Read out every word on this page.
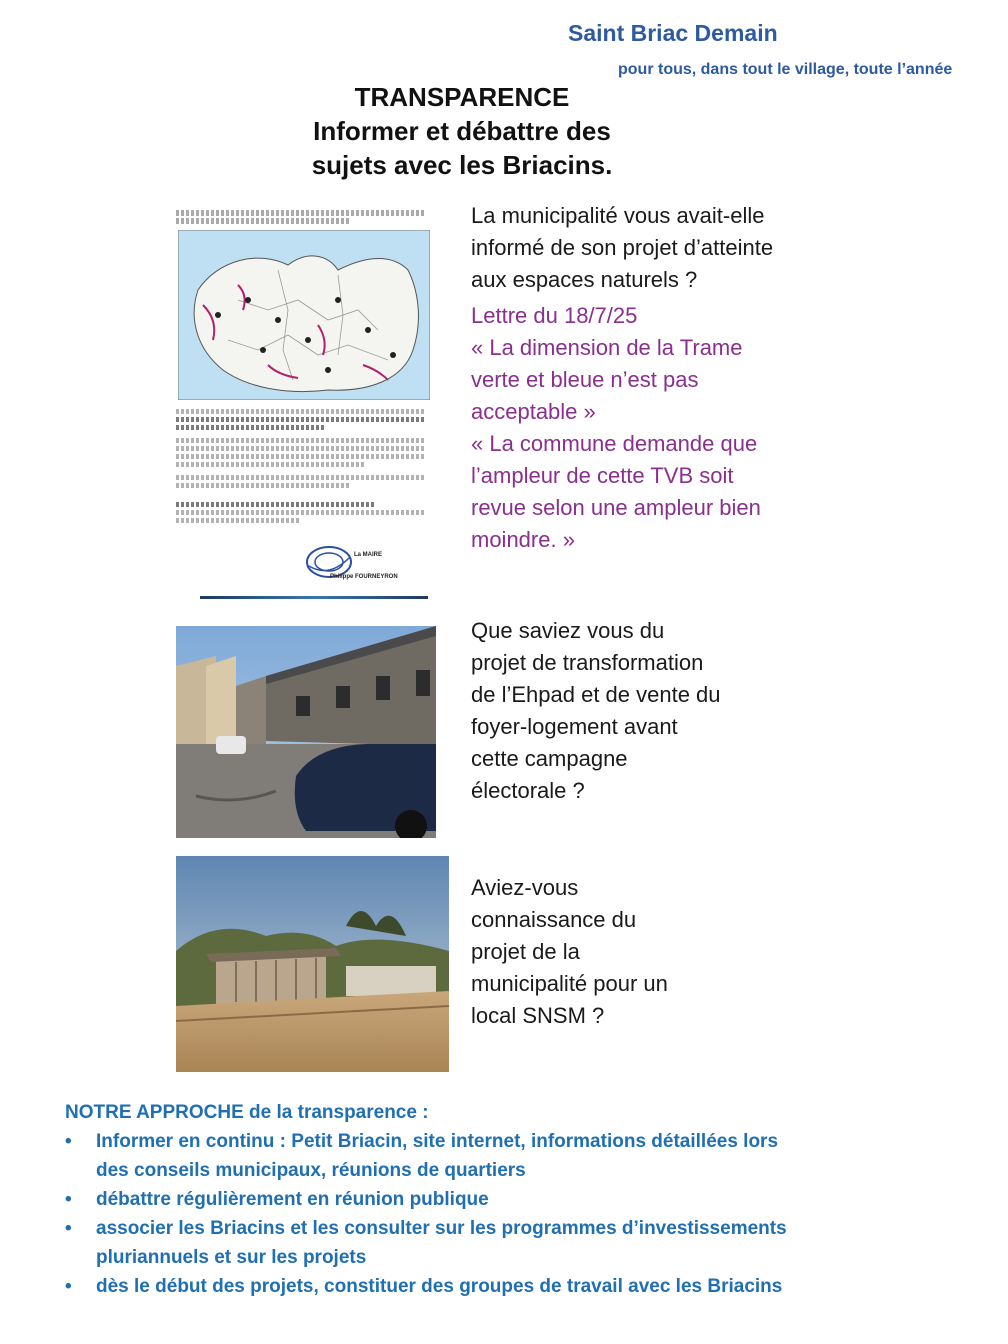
Saint Briac Demain
pour tous, dans tout le village, toute l’année
TRANSPARENCE
Informer et débattre des
sujets avec les Briacins.
La MAIRE
Philippe FOURNEYRON
La municipalité vous avait-elle
informé de son projet d’atteinte
aux espaces naturels ?
Lettre du 18/7/25
« La dimension de la Trame
verte et bleue n’est pas
acceptable »
« La commune demande que
l’ampleur de cette TVB soit
revue selon une ampleur bien
moindre. »
Que saviez vous du
projet de transformation
de l’Ehpad et de vente du
foyer-logement avant
cette campagne
électorale ?
Aviez-vous
connaissance du
projet de la
municipalité pour un
local SNSM ?
NOTRE APPROCHE de la transparence :
• Informer en continu : Petit Briacin, site internet, informations détaillées lors
des conseils municipaux, réunions de quartiers
• débattre régulièrement en réunion publique
• associer les Briacins et les consulter sur les programmes d’investissements
pluriannuels et sur les projets
• dès le début des projets, constituer des groupes de travail avec les Briacins
